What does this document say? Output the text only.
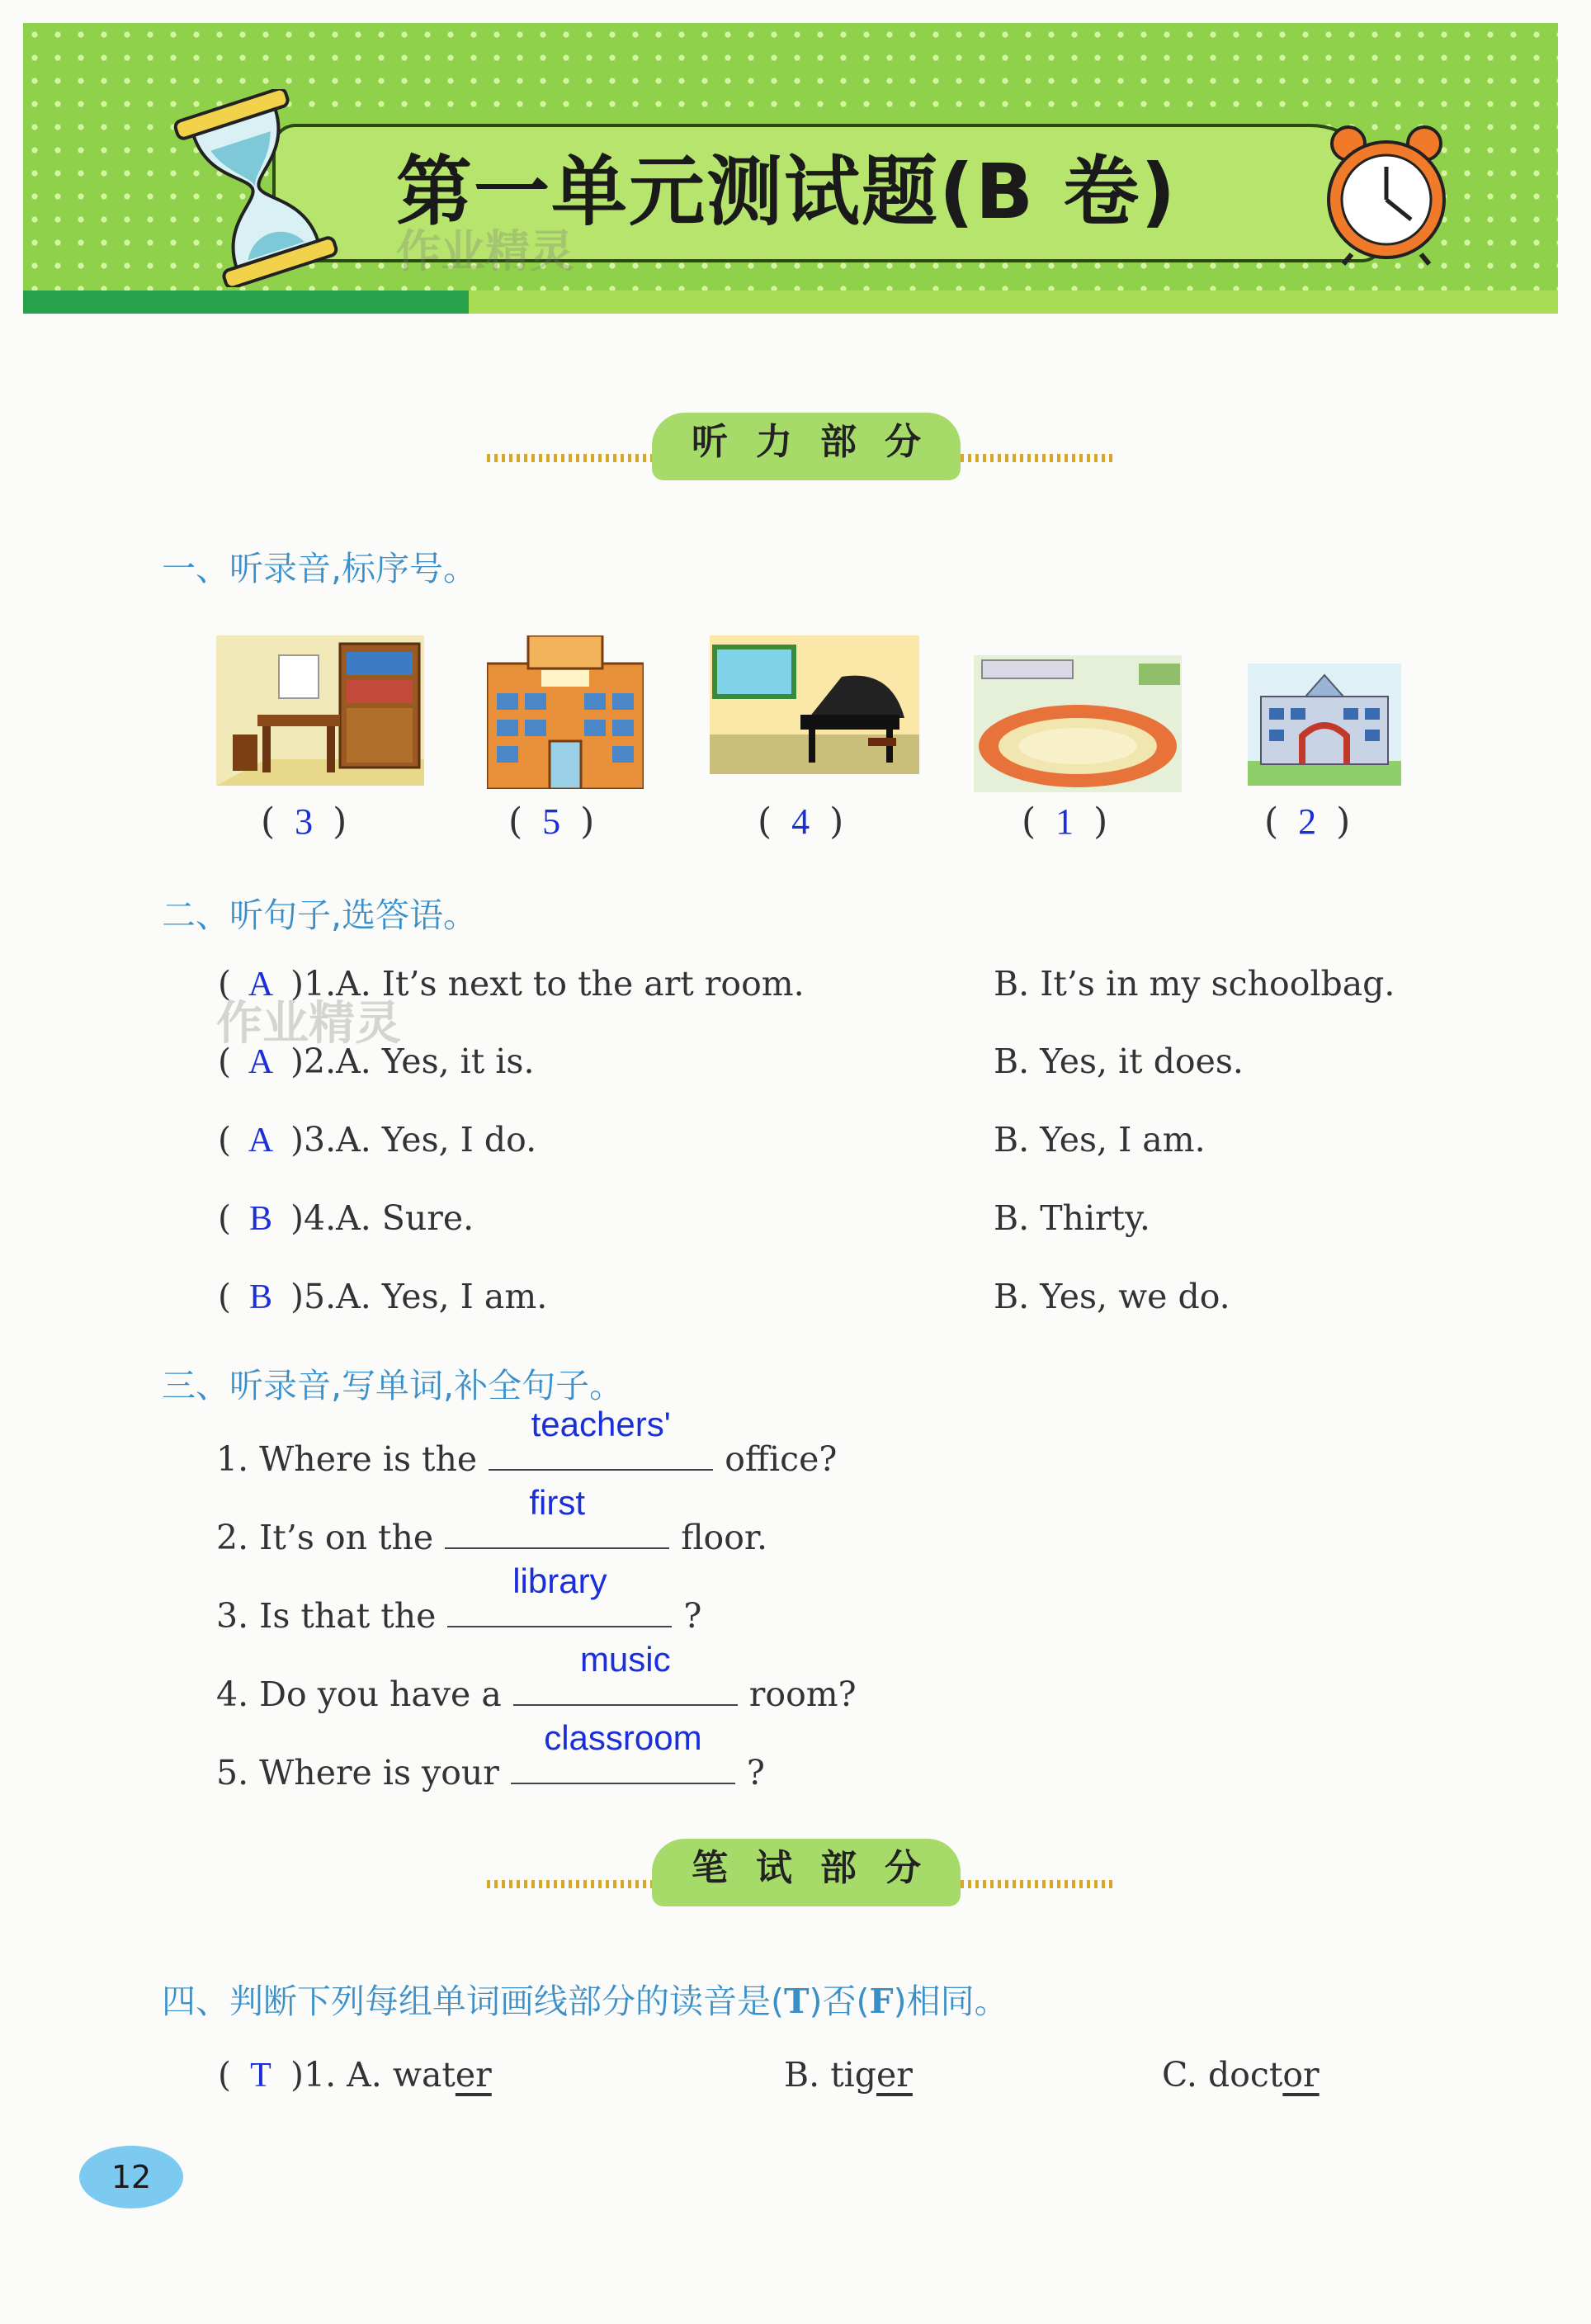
第一单元测试题(B 卷)
作业精灵
听力部分
一、听录音,标序号。
( 3 )	( 5 )	( 4 )	( 1 )	( 2 )
二、听句子,选答语。
( A )1.A. It’s next to the art room.	B. It’s in my schoolbag.
( A )2.A. Yes, it is.	B. Yes, it does.
( A )3.A. Yes, I do.	B. Yes, I am.
( B )4.A. Sure.	B. Thirty.
( B )5.A. Yes, I am.	B. Yes, we do.
作业精灵
三、听录音,写单词,补全句子。
1. Where is the
teachers'
office?
2. It’s on the
first
floor.
3. Is that the
library
?
4. Do you have a
music
room?
5. Where is your
classroom
?
笔试部分
四、判断下列每组单词画线部分的读音是(T)否(F)相同。
( T )1. A. water	B. tiger	C. doctor
12
